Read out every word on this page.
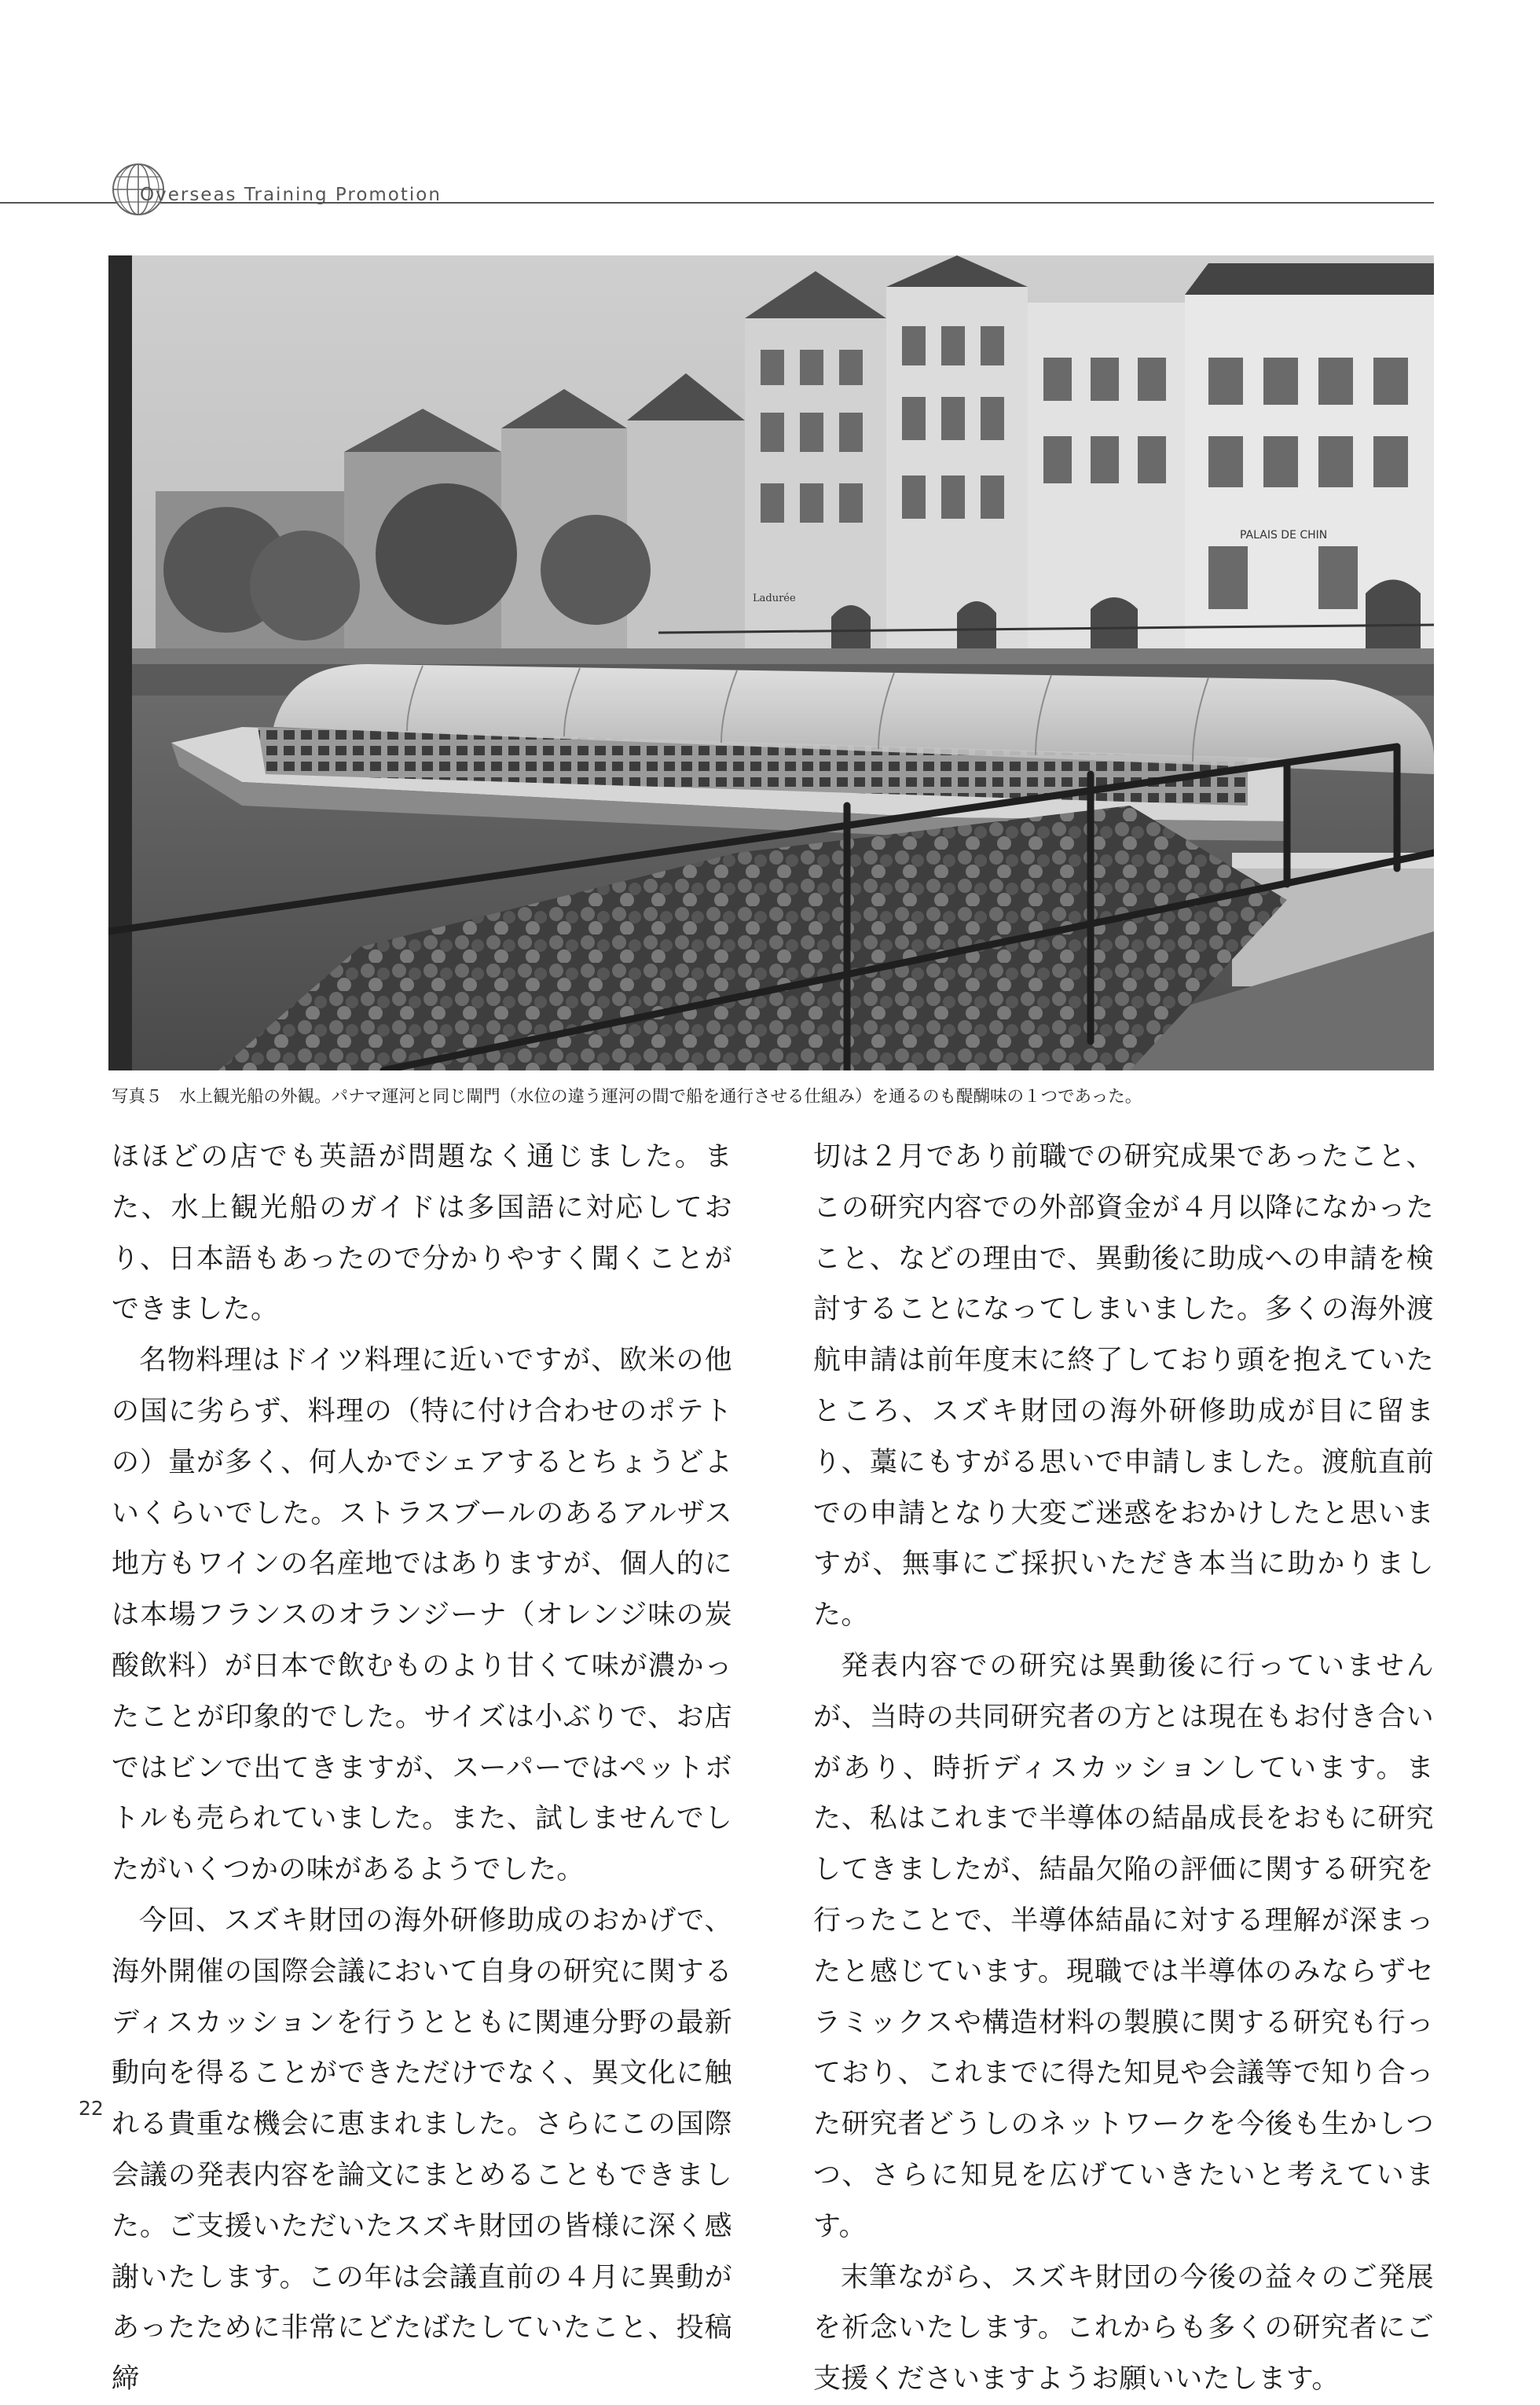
Overseas Training Promotion
PALAIS DE CHIN
Ladurée
写真５　水上観光船の外観。パナマ運河と同じ閘門（水位の違う運河の間で船を通行させる仕組み）を通るのも醍醐味の１つであった。

ほほどの店でも英語が問題なく通じました。また、水上観光船のガイドは多国語に対応しており、日本語もあったので分かりやすく聞くことができました。

名物料理はドイツ料理に近いですが、欧米の他の国に劣らず、料理の（特に付け合わせのポテトの）量が多く、何人かでシェアするとちょうどよいくらいでした。ストラスブールのあるアルザス地方もワインの名産地ではありますが、個人的には本場フランスのオランジーナ（オレンジ味の炭酸飲料）が日本で飲むものより甘くて味が濃かったことが印象的でした。サイズは小ぶりで、お店ではビンで出てきますが、スーパーではペットボトルも売られていました。また、試しませんでしたがいくつかの味があるようでした。

今回、スズキ財団の海外研修助成のおかげで、海外開催の国際会議において自身の研究に関するディスカッションを行うとともに関連分野の最新動向を得ることができただけでなく、異文化に触れる貴重な機会に恵まれました。さらにこの国際会議の発表内容を論文にまとめることもできました。ご支援いただいたスズキ財団の皆様に深く感謝いたします。この年は会議直前の４月に異動があったために非常にどたばたしていたこと、投稿締

切は２月であり前職での研究成果であったこと、この研究内容での外部資金が４月以降になかったこと、などの理由で、異動後に助成への申請を検討することになってしまいました。多くの海外渡航申請は前年度末に終了しており頭を抱えていたところ、スズキ財団の海外研修助成が目に留まり、藁にもすがる思いで申請しました。渡航直前での申請となり大変ご迷惑をおかけしたと思いますが、無事にご採択いただき本当に助かりました。

発表内容での研究は異動後に行っていませんが、当時の共同研究者の方とは現在もお付き合いがあり、時折ディスカッションしています。また、私はこれまで半導体の結晶成長をおもに研究してきましたが、結晶欠陥の評価に関する研究を行ったことで、半導体結晶に対する理解が深まったと感じています。現職では半導体のみならずセラミックスや構造材料の製膜に関する研究も行っており、これまでに得た知見や会議等で知り合った研究者どうしのネットワークを今後も生かしつつ、さらに知見を広げていきたいと考えています。

末筆ながら、スズキ財団の今後の益々のご発展を祈念いたします。これからも多くの研究者にご支援くださいますようお願いいたします。

22
